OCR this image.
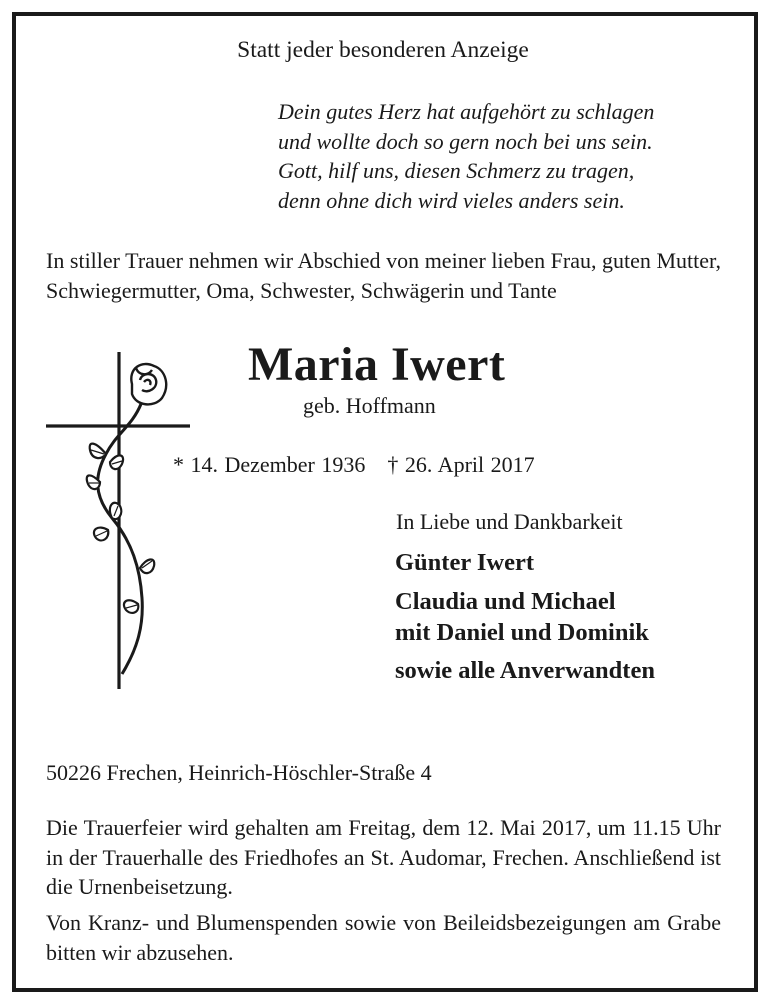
Statt jeder besonderen Anzeige

Dein gutes Herz hat aufgehört zu schlagen
und wollte doch so gern noch bei uns sein.
Gott, hilf uns, diesen Schmerz zu tragen,
denn ohne dich wird vieles anders sein.

In stiller Trauer nehmen wir Abschied von meiner lieben Frau, guten Mutter, Schwiegermutter, Oma, Schwester, Schwägerin und Tante

Maria Iwert

geb. Hoffmann

* 14. Dezember 1936 † 26. April 2017

In Liebe und Dankbarkeit

Günter Iwert
Claudia und Michael
mit Daniel und Dominik
sowie alle Anverwandten

50226 Frechen, Heinrich-Höschler-Straße 4

Die Trauerfeier wird gehalten am Freitag, dem 12. Mai 2017, um 11.15 Uhr in der Trauerhalle des Friedhofes an St. Audomar, Frechen. Anschließend ist die Urnenbeisetzung.

Von Kranz- und Blumenspenden sowie von Beileidsbezeigungen am Grabe bitten wir abzusehen.
